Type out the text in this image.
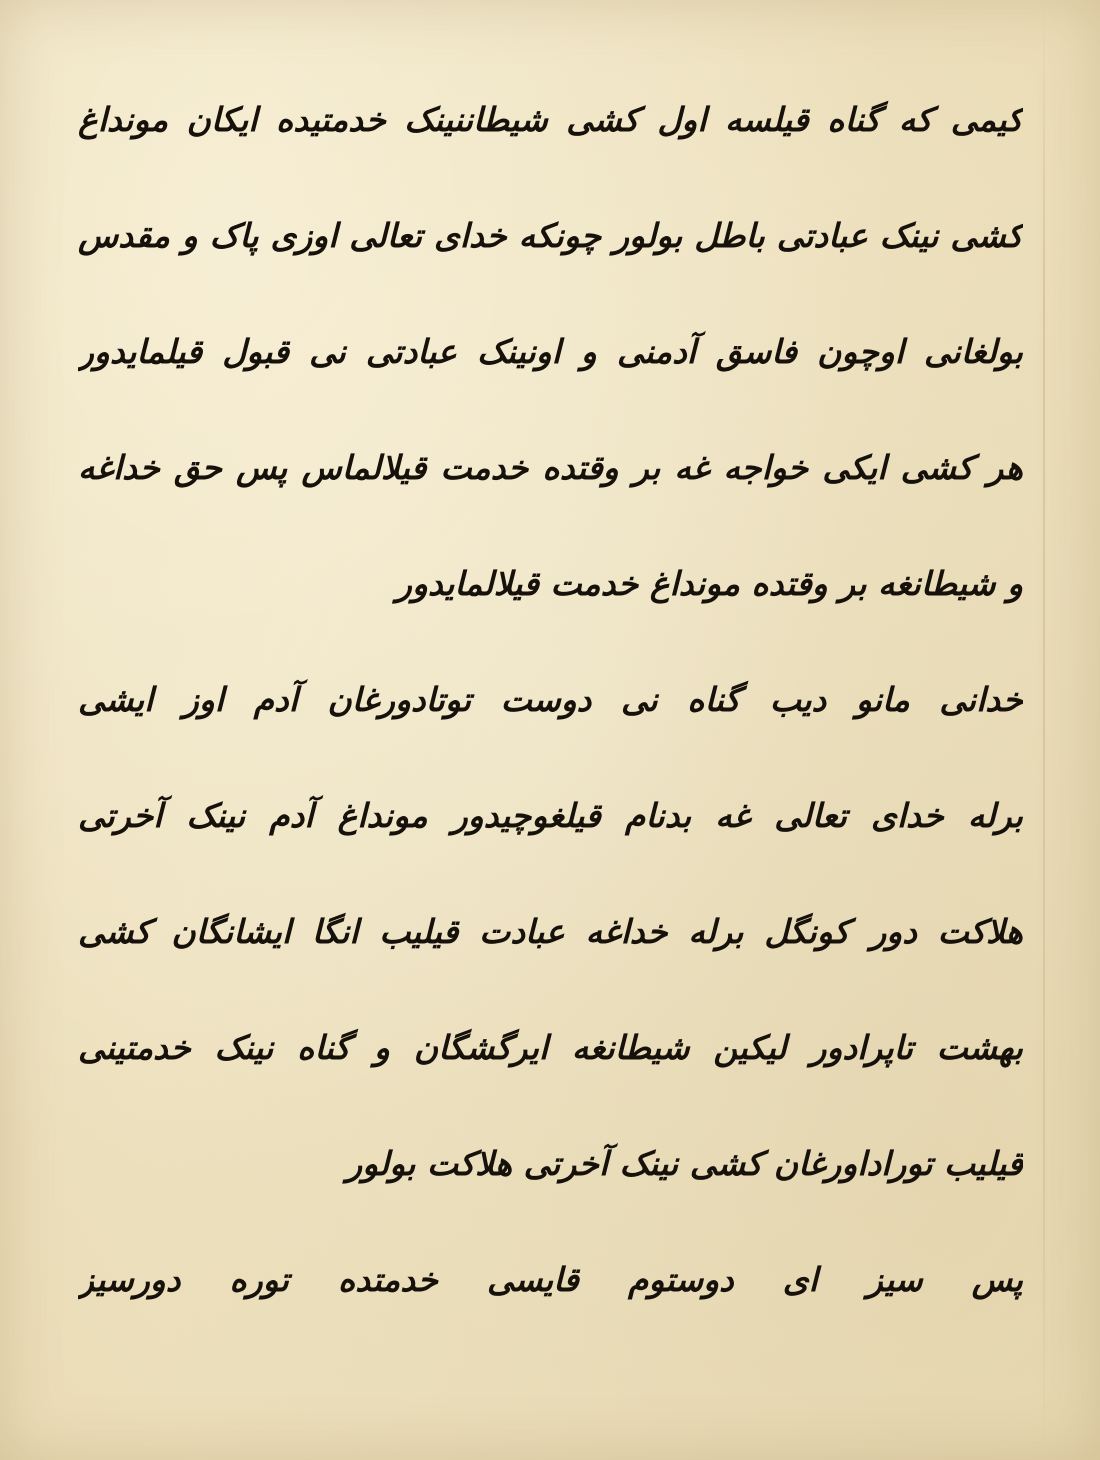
کیمی که گناه قیلسه اول کشی شیطاننینک خدمتیده ایکان مونداغ
کشی نینک عبادتی باطل بولور چونکه خدای تعالی اوزی پاک و مقدس
بولغانی اوچون فاسق آدمنی و اونینک عبادتی نی قبول قیلمایدور
هر کشی ایکی خواجه غه بر وقتده خدمت قیلالماس پس حق خداغه
و شیطانغه بر وقتده مونداغ خدمت قیلالمایدور
خدانی مانو دیب گناه نی دوست توتادورغان آدم اوز ایشی
برله خدای تعالی غه بدنام قیلغوچیدور مونداغ آدم نینک آخرتی
هلاکت دور کونگل برله خداغه عبادت قیلیب انگا ایشانگان کشی
بهشت تاپرادور لیکین شیطانغه ایرگشگان و گناه نینک خدمتینی
قیلیب توراداورغان کشی نینک آخرتی هلاکت بولور
پس سیز ای دوستوم قایسی خدمتده توره دورسیز
